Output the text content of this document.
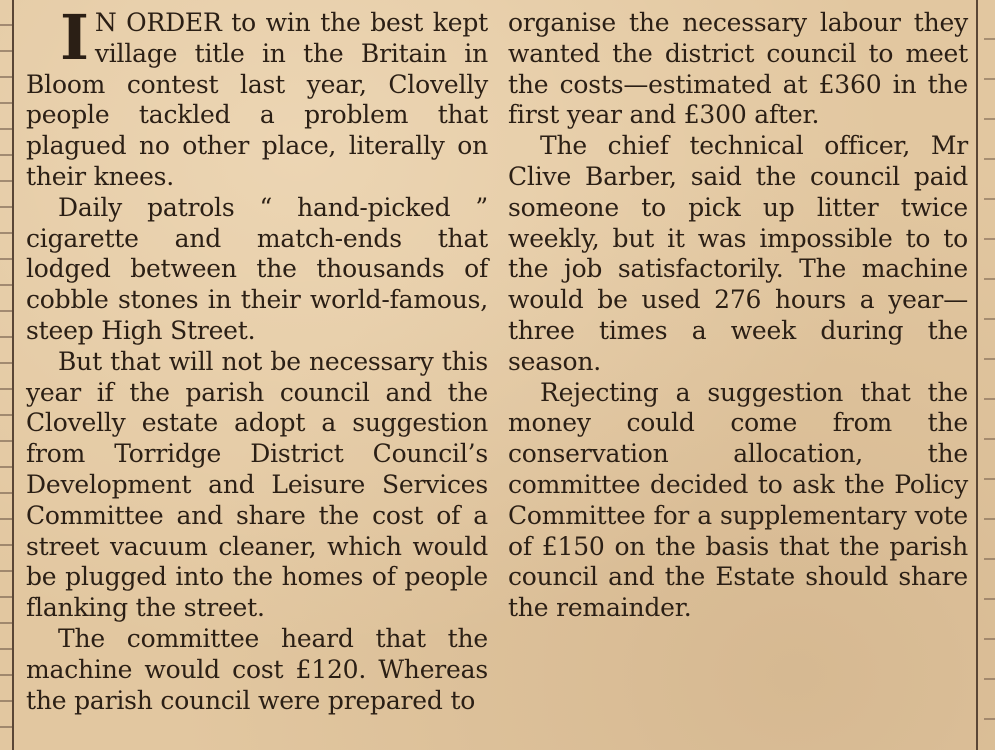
I N ORDER to win the best kept village title in the Britain in Bloom contest last year, Clovelly people tackled a problem that plagued no other place, literally on their knees.

Daily patrols “ hand-picked ” cigarette and match-ends that lodged between the thousands of cobble stones in their world-famous, steep High Street.

But that will not be necessary this year if the parish council and the Clovelly estate adopt a suggestion from Torridge District Council’s Development and Leisure Services Committee and share the cost of a street vacuum cleaner, which would be plugged into the homes of people flanking the street.

The committee heard that the machine would cost £120. Whereas the parish council were prepared to

organise the necessary labour they wanted the district council to meet the costs—estimated at £360 in the first year and £300 after.

The chief technical officer, Mr Clive Barber, said the council paid someone to pick up litter twice weekly, but it was impossible to to the job satisfactorily. The machine would be used 276 hours a year—three times a week during the season.

Rejecting a suggestion that the money could come from the conservation allocation, the committee decided to ask the Policy Committee for a supplementary vote of £150 on the basis that the parish council and the Estate should share the remainder.
